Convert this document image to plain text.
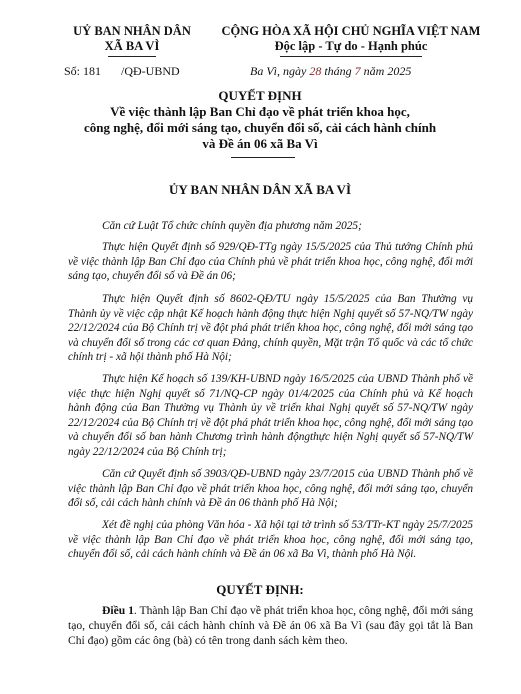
UỶ BAN NHÂN DÂN
XÃ BA VÌ
CỘNG HÒA XÃ HỘI CHỦ NGHĨA VIỆT NAM
Độc lập - Tự do - Hạnh phúc
Số: 181 /QĐ-UBND	Ba Vì, ngày 28 tháng 7 năm 2025
QUYẾT ĐỊNH
Về việc thành lập Ban Chỉ đạo về phát triển khoa học,
công nghệ, đổi mới sáng tạo, chuyển đổi số, cải cách hành chính
và Đề án 06 xã Ba Vì
ỦY BAN NHÂN DÂN XÃ BA VÌ
Căn cứ Luật Tổ chức chính quyền địa phương năm 2025;
Thực hiện Quyết định số 929/QĐ-TTg ngày 15/5/2025 của Thủ tướng Chính phủ về việc thành lập Ban Chỉ đạo của Chính phủ về phát triển khoa học, công nghệ, đổi mới sáng tạo, chuyển đổi số và Đề án 06;
Thực hiện Quyết định số 8602-QĐ/TU ngày 15/5/2025 của Ban Thường vụ Thành ủy về việc cập nhật Kế hoạch hành động thực hiện Nghị quyết số 57-NQ/TW ngày 22/12/2024 của Bộ Chính trị về đột phá phát triển khoa học, công nghệ, đổi mới sáng tạo và chuyển đổi số trong các cơ quan Đảng, chính quyền, Mặt trận Tổ quốc và các tổ chức chính trị - xã hội thành phố Hà Nội;
Thực hiện Kế hoạch số 139/KH-UBND ngày 16/5/2025 của UBND Thành phố về việc thực hiện Nghị quyết số 71/NQ-CP ngày 01/4/2025 của Chính phủ và Kế hoạch hành động của Ban Thường vụ Thành ủy về triển khai Nghị quyết số 57-NQ/TW ngày 22/12/2024 của Bộ Chính trị về đột phá phát triển khoa học, công nghệ, đổi mới sáng tạo và chuyển đổi số ban hành Chương trình hành độngthực hiện Nghị quyết số 57-NQ/TW ngày 22/12/2024 của Bộ Chính trị;
Căn cứ Quyết định số 3903/QĐ-UBND ngày 23/7/2015 của UBND Thành phố về việc thành lập Ban Chỉ đạo về phát triển khoa học, công nghệ, đổi mới sáng tạo, chuyển đổi số, cải cách hành chính và Đề án 06 thành phố Hà Nội;
Xét đề nghị của phòng Văn hóa - Xã hội tại tờ trình số 53/TTr-KT ngày 25/7/2025 về việc thành lập Ban Chỉ đạo về phát triển khoa học, công nghệ, đổi mới sáng tạo, chuyển đổi số, cải cách hành chính và Đề án 06 xã Ba Vì, thành phố Hà Nội.
QUYẾT ĐỊNH:
Điều 1. Thành lập Ban Chỉ đạo về phát triển khoa học, công nghệ, đổi mới sáng tạo, chuyển đổi số, cải cách hành chính và Đề án 06 xã Ba Vì (sau đây gọi tắt là Ban Chỉ đạo) gồm các ông (bà) có tên trong danh sách kèm theo.
